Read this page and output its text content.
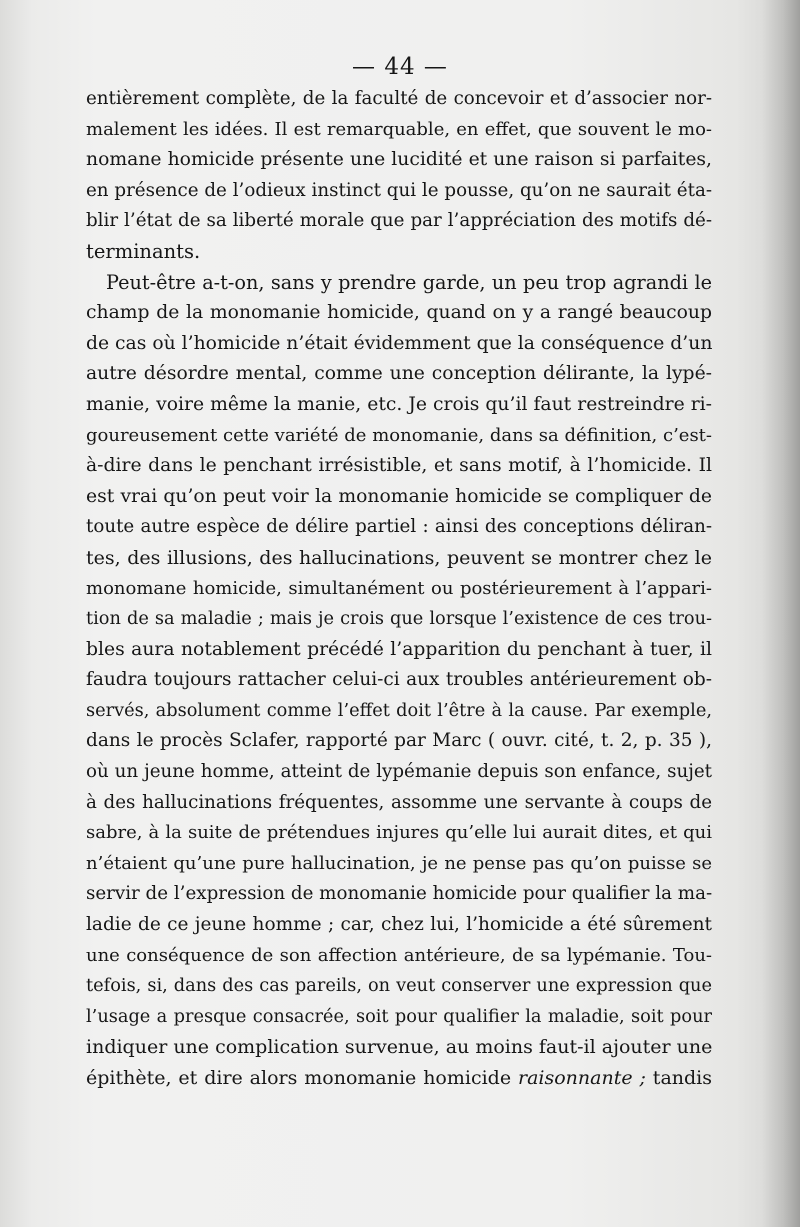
— 44 —
entièrement complète, de la faculté de concevoir et d’associer nor-
malement les idées. Il est remarquable, en effet, que souvent le mo-
nomane homicide présente une lucidité et une raison si parfaites,
en présence de l’odieux instinct qui le pousse, qu’on ne saurait éta-
blir l’état de sa liberté morale que par l’appréciation des motifs dé-
terminants.
Peut-être a-t-on, sans y prendre garde, un peu trop agrandi le
champ de la monomanie homicide, quand on y a rangé beaucoup
de cas où l’homicide n’était évidemment que la conséquence d’un
autre désordre mental, comme une conception délirante, la lypé-
manie, voire même la manie, etc. Je crois qu’il faut restreindre ri-
goureusement cette variété de monomanie, dans sa définition, c’est-
à-dire dans le penchant irrésistible, et sans motif, à l’homicide. Il
est vrai qu’on peut voir la monomanie homicide se compliquer de
toute autre espèce de délire partiel : ainsi des conceptions déliran-
tes, des illusions, des hallucinations, peuvent se montrer chez le
monomane homicide, simultanément ou postérieurement à l’appari-
tion de sa maladie ; mais je crois que lorsque l’existence de ces trou-
bles aura notablement précédé l’apparition du penchant à tuer, il
faudra toujours rattacher celui-ci aux troubles antérieurement ob-
servés, absolument comme l’effet doit l’être à la cause. Par exemple,
dans le procès Sclafer, rapporté par Marc ( ouvr. cité, t. 2, p. 35 ),
où un jeune homme, atteint de lypémanie depuis son enfance, sujet
à des hallucinations fréquentes, assomme une servante à coups de
sabre, à la suite de prétendues injures qu’elle lui aurait dites, et qui
n’étaient qu’une pure hallucination, je ne pense pas qu’on puisse se
servir de l’expression de monomanie homicide pour qualifier la ma-
ladie de ce jeune homme ; car, chez lui, l’homicide a été sûrement
une conséquence de son affection antérieure, de sa lypémanie. Tou-
tefois, si, dans des cas pareils, on veut conserver une expression que
l’usage a presque consacrée, soit pour qualifier la maladie, soit pour
indiquer une complication survenue, au moins faut-il ajouter une
épithète, et dire alors monomanie homicide raisonnante ; tandis
